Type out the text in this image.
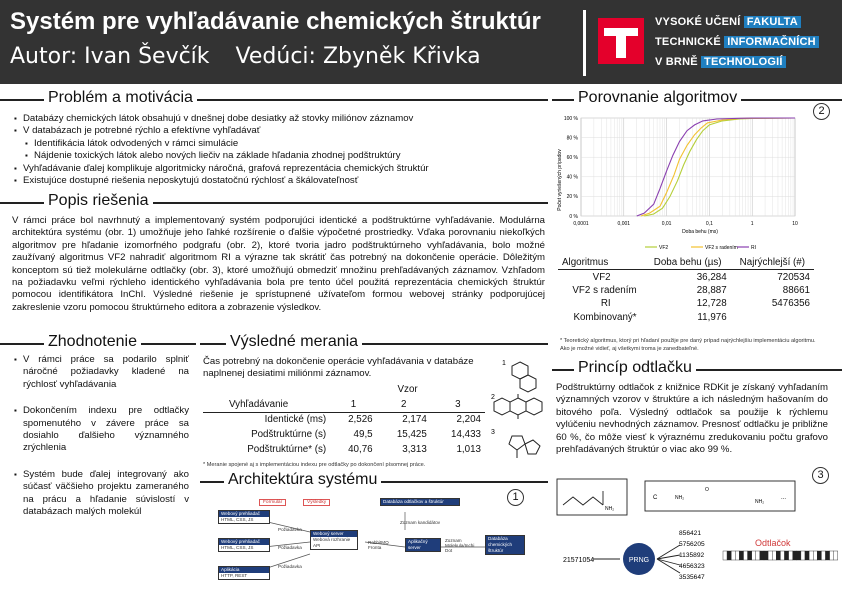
Systém pre vyhľadávanie chemických štruktúr
Autor: Ivan Ševčík Vedúci: Zbyněk Křivka
VYSOKÉ UČENÍ FAKULTA
TECHNICKÉ INFORMAČNÍCH
V BRNĚ TECHNOLOGIÍ
Problém a motivácia
▪ Databázy chemických látok obsahujú v dnešnej dobe desiatky až stovky miliónov záznamov
▪ V databázach je potrebné rýchlo a efektívne vyhľadávať
▪ Identifikácia látok odvodených v rámci simulácie
▪ Nájdenie toxických látok alebo nových liečiv na základe hľadania zhodnej podštruktúry
▪ Vyhľadávanie ďalej komplikuje algoritmicky náročná, grafová reprezentácia chemických štruktúr
▪ Existujúce dostupné riešenia neposkytujú dostatočnú rýchlosť a škálovateľnosť
Popis riešenia

V rámci práce bol navrhnutý a implementovaný systém podporujúci identické a podštruktúrne vyhľadávanie. Modulárna architektúra systému (obr. 1) umožňuje jeho ľahké rozšírenie o ďalšie výpočetné prostriedky. Vďaka porovnaniu niekoľkých algoritmov pre hľadanie izomorfného podgrafu (obr. 2), ktoré tvoria jadro podštruktúrneho vyhľadávania, bolo možné zaužívaný algoritmus VF2 nahradiť algoritmom RI a výrazne tak skrátiť čas potrebný na dokončenie operácie. Dôležitým konceptom sú tiež molekulárne odtlačky (obr. 3), ktoré umožňujú obmedziť množinu prehľadávaných záznamov. Vzhľadom na požiadavku veľmi rýchleho identického vyhľadávania bola pre tento účel použitá reprezentácia chemických štruktúr pomocou identifikátora InChI. Výsledné riešenie je sprístupnené užívateľom formou webovej stránky podporujúcej zakreslenie vzoru pomocou štruktúrneho editora a zobrazenie výsledkov.

Zhodnotenie
▪ V rámci práce sa podarilo splniť náročné požiadavky kladené na rýchlosť vyhľadávania
▪ Dokončením indexu pre odtlačky spomenutého v závere práce sa dosiahlo ďalšieho významného zrýchlenia
▪ Systém bude ďalej integrovaný ako súčasť väčšieho projektu zameraného na prácu a hľadanie súvislostí v databázach malých molekúl
Výsledné merania

Čas potrebný na dokončenie operácie vyhľadávania v databáze naplnenej desiatimi miliónmi záznamov.

	Vzor		
Vyhľadávanie	1	2	3
Identické (ms)	2,526	2,174	2,204
Podštruktúrne (s)	49,5	15,425	14,433
Podštruktúrne* (s)	40,76	3,313	1,013
* Meranie spojené aj s implementáciou indexu pre odtlačky po dokončení písomnej práce.
1
2
3
Architektúra systému
1
Formulár	Výsledky
Webový prehliadač
HTML, CSS, JS
Webový prehliadač
HTML, CSS, JS
Aplikácia
HTTP, REST
Webový server
Webová rozhranie API
Databáza odtlačkov a štruktúr
Aplikačný server
Databáza chemických štruktúr
Požiadavka
Požiadavka
Požiadavka
RabbitMQ Fronta
Zoznam kandidátov
Zoznam Molekula/Inchi Dot
Porovnanie algoritmov
2
0 %
20 %
40 %
60 %
80 %
100 %
0,0001	0,001	0,01	0,1	1	10
Doba behu (ms)
Počet vyriešených prípadov
VF2	VF2 s radením	RI
Algoritmus	Doba behu (µs)	Najrýchlejší (#)
VF2	36,284	720534
VF2 s radením	28,887	88661
RI	12,728	5476356
Kombinovaný*	11,976	
* Teoretický algoritmus, ktorý pri hľadaní použije pre daný prípad najrýchlejšiu implementáciu algoritmu. Ako je možné vidieť, aj všetkymi troma je zanedbateľné.
Princíp odtlačku

Podštruktúrny odtlačok z knižnice RDKit je získaný vyhľadaním významných vzorov v štruktúre a ich následným hašovaním do bitového poľa. Výsledný odtlačok sa použije k rýchlemu vylúčeniu nevhodných záznamov. Presnosť odtlačku je približne 60 %, čo môže viesť k výraznému zredukovaniu počtu grafovo prehľadávaných štruktúr o viac ako 99 %.

3
NH₂
C	NH₂
O
NH₂
...
21571054	PRNG
856421
5756205
1135892
4656323
3535647
Odtlačok
